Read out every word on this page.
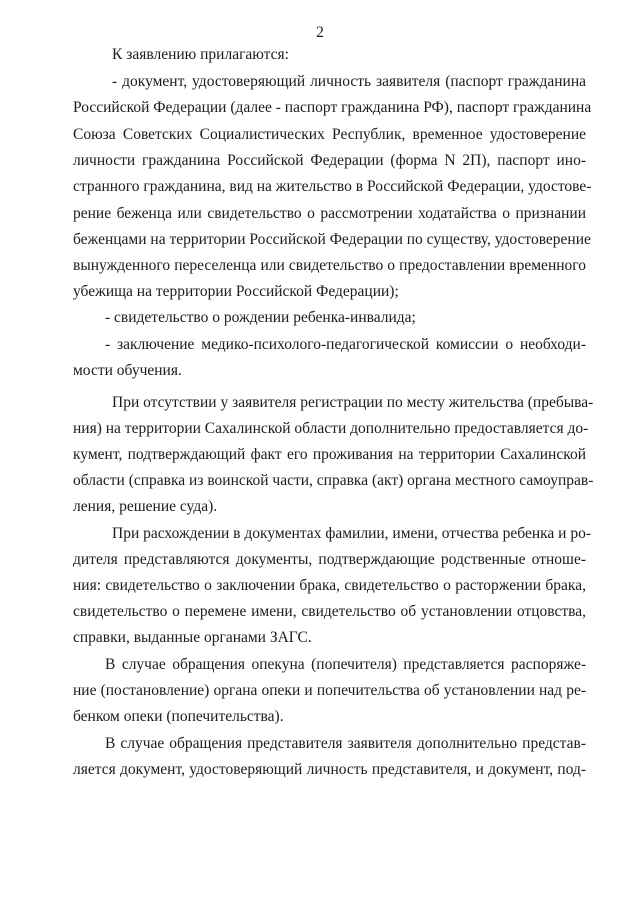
2
К заявлению прилагаются:
- документ, удостоверяющий личность заявителя (паспорт гражданина
Российской Федерации (далее - паспорт гражданина РФ), паспорт гражданина
Союза Советских Социалистических Республик, временное удостоверение
личности гражданина Российской Федерации (форма N 2П), паспорт ино-
странного гражданина, вид на жительство в Российской Федерации, удостове-
рение беженца или свидетельство о рассмотрении ходатайства о признании
беженцами на территории Российской Федерации по существу, удостоверение
вынужденного переселенца или свидетельство о предоставлении временного
убежища на территории Российской Федерации);
- свидетельство о рождении ребенка-инвалида;
- заключение медико-психолого-педагогической комиссии о необходи-
мости обучения.
При отсутствии у заявителя регистрации по месту жительства (пребыва-
ния) на территории Сахалинской области дополнительно предоставляется до-
кумент, подтверждающий факт его проживания на территории Сахалинской
области (справка из воинской части, справка (акт) органа местного самоуправ-
ления, решение суда).
При расхождении в документах фамилии, имени, отчества ребенка и ро-
дителя представляются документы, подтверждающие родственные отноше-
ния: свидетельство о заключении брака, свидетельство о расторжении брака,
свидетельство о перемене имени, свидетельство об установлении отцовства,
справки, выданные органами ЗАГС.
В случае обращения опекуна (попечителя) представляется распоряже-
ние (постановление) органа опеки и попечительства об установлении над ре-
бенком опеки (попечительства).
В случае обращения представителя заявителя дополнительно представ-
ляется документ, удостоверяющий личность представителя, и документ, под-
